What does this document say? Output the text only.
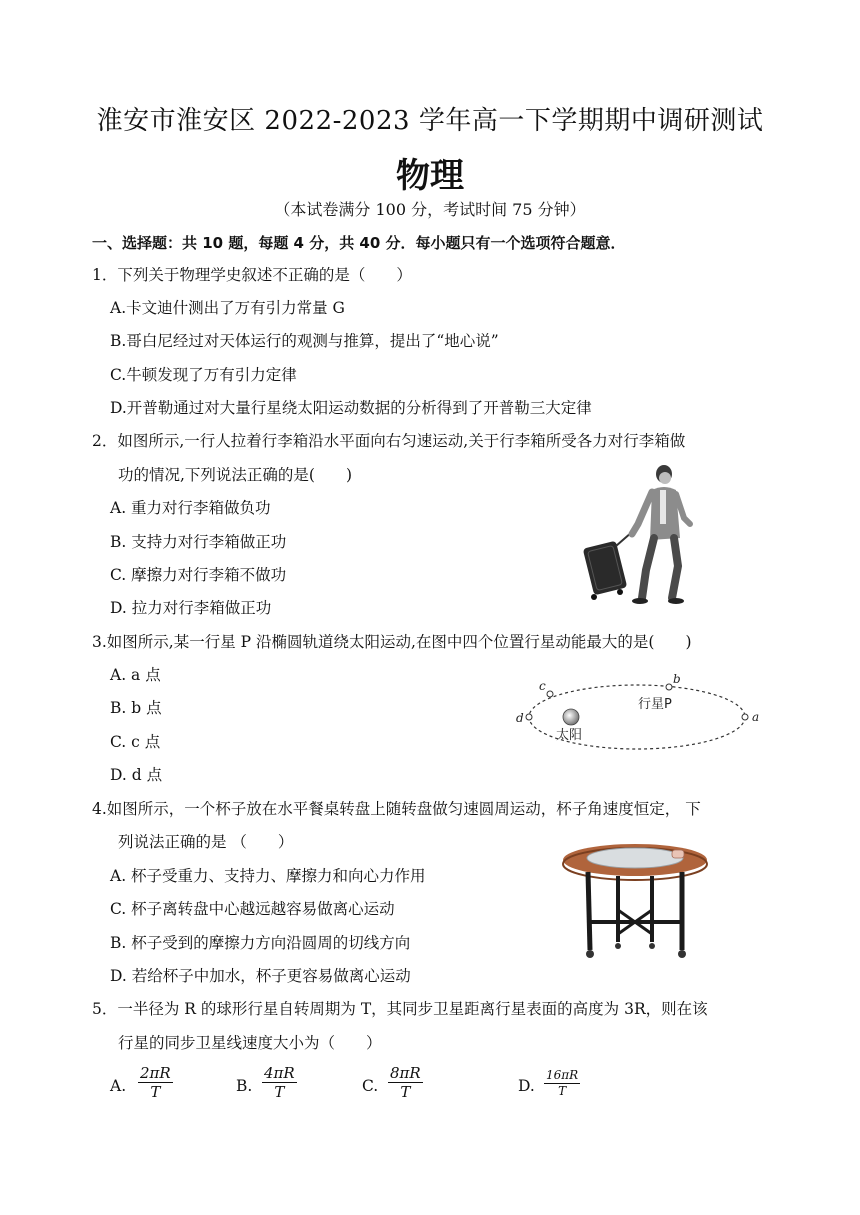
淮安市淮安区 2022-2023 学年高一下学期期中调研测试
物理
（本试卷满分 100 分，考试时间 75 分钟）
一、选择题：共 10 题，每题 4 分，共 40 分．每小题只有一个选项符合题意．
1．下列关于物理学史叙述不正确的是（　　）
A.卡文迪什测出了万有引力常量 G
B.哥白尼经过对天体运行的观测与推算，提出了“地心说”
C.牛顿发现了万有引力定律
D.开普勒通过对大量行星绕太阳运动数据的分析得到了开普勒三大定律
2．如图所示,一行人拉着行李箱沿水平面向右匀速运动,关于行李箱所受各力对行李箱做
功的情况,下列说法正确的是(　　)
A. 重力对行李箱做负功
B. 支持力对行李箱做正功
C. 摩擦力对行李箱不做功
D. 拉力对行李箱做正功
3.如图所示,某一行星 P 沿椭圆轨道绕太阳运动,在图中四个位置行星动能最大的是(　　)
A. a 点
B. b 点
C. c 点
D. d 点
a
b
c
d
行星P
太阳
4.如图所示，一个杯子放在水平餐桌转盘上随转盘做匀速圆周运动，杯子角速度恒定， 下
列说法正确的是 （　　）
A. 杯子受重力、支持力、摩擦力和向心力作用
C. 杯子离转盘中心越远越容易做离心运动
B. 杯子受到的摩擦力方向沿圆周的切线方向
D. 若给杯子中加水，杯子更容易做离心运动
5．一半径为 R 的球形行星自转周期为 T，其同步卫星距离行星表面的高度为 3R，则在该
行星的同步卫星线速度大小为（　　）
A. $\frac{2\pi R}{T}$	B. $\frac{4\pi R}{T}$	C. $\frac{8\pi R}{T}$	D. $\frac{16\pi R}{T}$
